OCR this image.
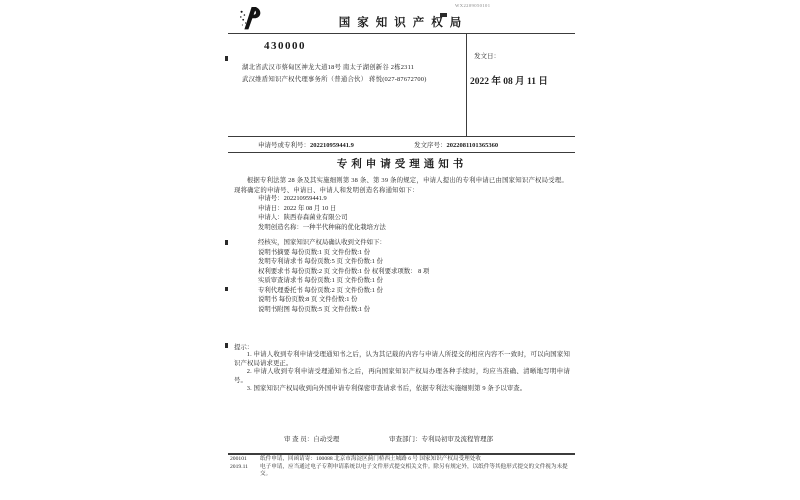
WX2209050101
国家知识产权局
430000
湖北省武汉市蔡甸区神龙大道18号 南太子湖创新谷 2栋2311
武汉维盾知识产权代理事务所（普通合伙） 蒋悦(027-87672700)
发文日：
2022 年 08 月 11 日
申请号或专利号：202210959441.9	发文序号：2022081101365360
专利申请受理通知书
根据专利法第 28 条及其实施细则第 38 条、第 39 条的规定，申请人提出的专利申请已由国家知识产权局受理。现将确定的申请号、申请日、申请人和发明创造名称通知如下：
申请号：202210959441.9
申请日：2022 年 08 月 10 日
申请人：陕西春森菌业有限公司
发明创造名称：一种半代种麻的优化栽培方法
经核实，国家知识产权局确认收到文件如下：
说明书摘要 每份页数:1 页 文件份数:1 份
发明专利请求书 每份页数:5 页 文件份数:1 份
权利要求书 每份页数:2 页 文件份数:1 份 权利要求项数： 8 项
实质审查请求书 每份页数:1 页 文件份数:1 份
专利代理委托书 每份页数:2 页 文件份数:1 份
说明书 每份页数:8 页 文件份数:1 份
说明书附图 每份页数:5 页 文件份数:1 份
提示：

1. 申请人收到专利申请受理通知书之后，认为其记载的内容与申请人所提交的相应内容不一致时，可以向国家知识产权局请求更正。

2. 申请人收到专利申请受理通知书之后，再向国家知识产权局办理各种手续时，均应当准确、清晰地写明申请号。

3. 国家知识产权局收到向外国申请专利保密审查请求书后，依据专利法实施细则第 9 条予以审查。

审 查 员：自动受理	审查部门：专利局初审及流程管理部
200101	纸件申请，回函请寄：100088 北京市海淀区蓟门桥西土城路 6 号 国家知识产权局受理处收
2019.11	电子申请，应当通过电子专利申请系统以电子文件形式提交相关文件。除另有规定外，以纸件等其他形式提交的文件视为未提交。
